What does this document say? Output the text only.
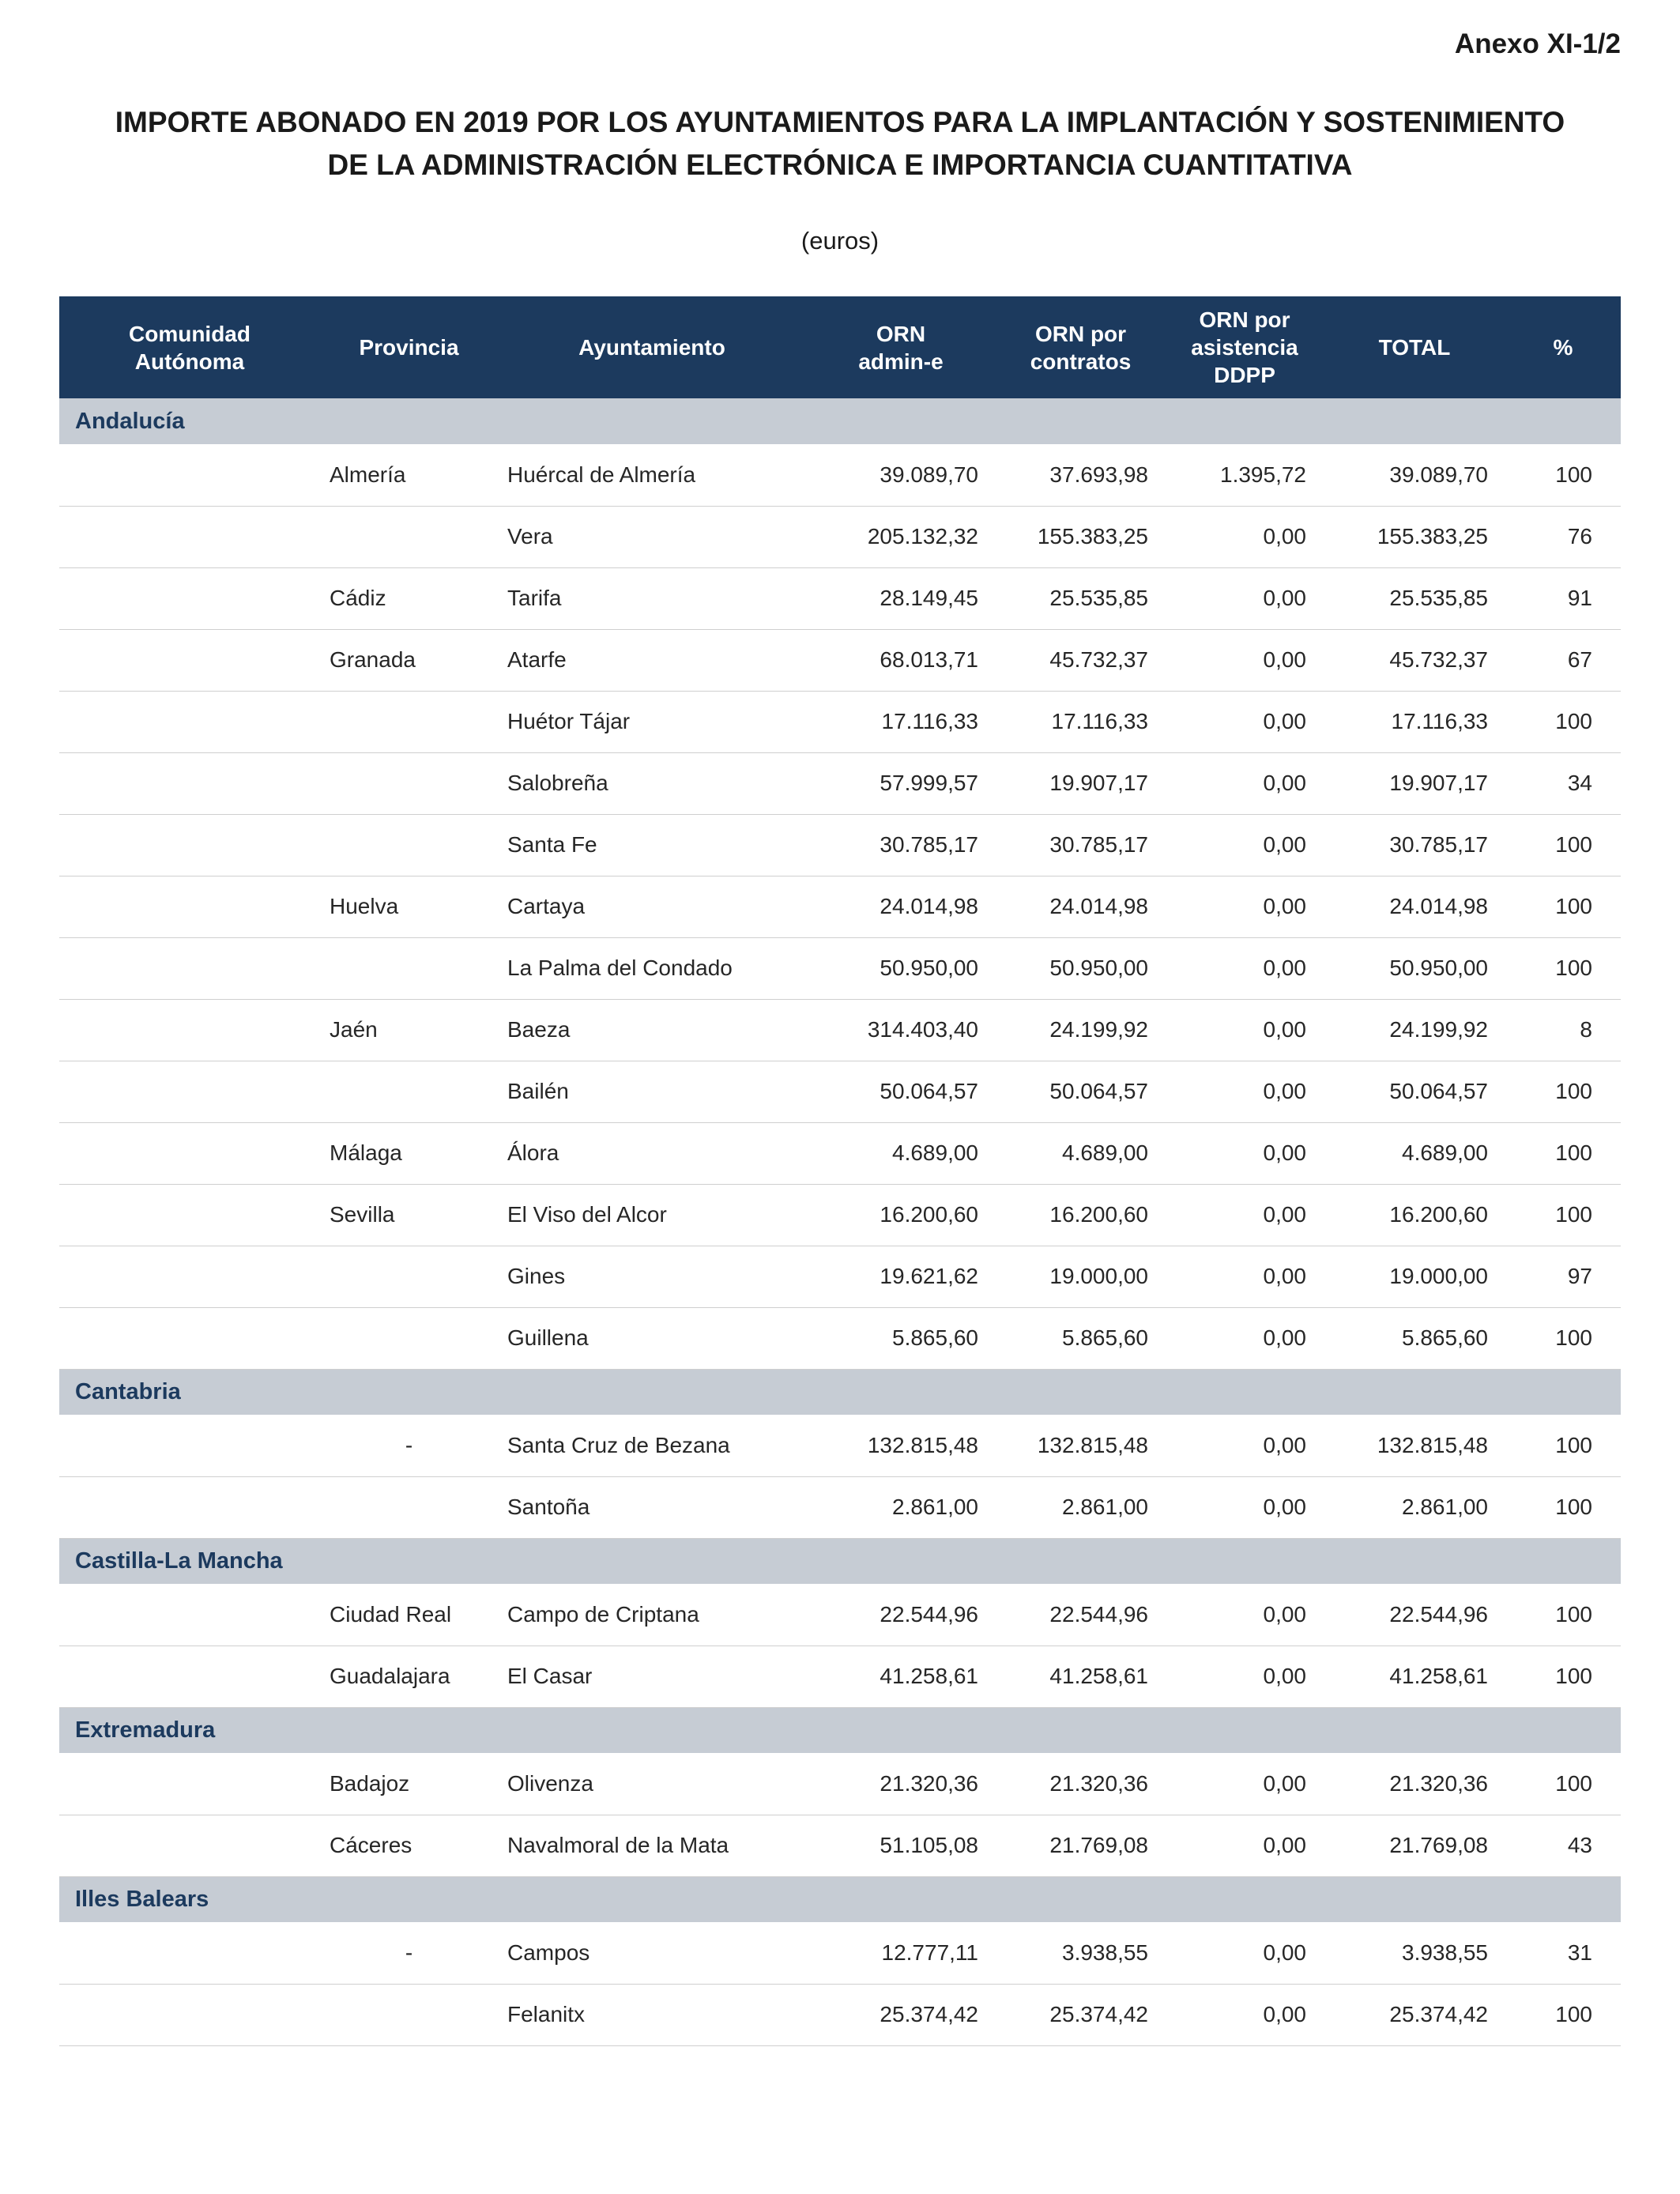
Anexo XI-1/2
IMPORTE ABONADO EN 2019 POR LOS AYUNTAMIENTOS PARA LA IMPLANTACIÓN Y SOSTENIMIENTO DE LA ADMINISTRACIÓN ELECTRÓNICA E IMPORTANCIA CUANTITATIVA
(euros)
Comunidad Autónoma	Provincia	Ayuntamiento	ORN admin-e	ORN por contratos	ORN por asistencia DDPP	TOTAL	%
Andalucía							
	Almería	Huércal de Almería	39.089,70	37.693,98	1.395,72	39.089,70	100
		Vera	205.132,32	155.383,25	0,00	155.383,25	76
	Cádiz	Tarifa	28.149,45	25.535,85	0,00	25.535,85	91
	Granada	Atarfe	68.013,71	45.732,37	0,00	45.732,37	67
		Huétor Tájar	17.116,33	17.116,33	0,00	17.116,33	100
		Salobreña	57.999,57	19.907,17	0,00	19.907,17	34
		Santa Fe	30.785,17	30.785,17	0,00	30.785,17	100
	Huelva	Cartaya	24.014,98	24.014,98	0,00	24.014,98	100
		La Palma del Condado	50.950,00	50.950,00	0,00	50.950,00	100
	Jaén	Baeza	314.403,40	24.199,92	0,00	24.199,92	8
		Bailén	50.064,57	50.064,57	0,00	50.064,57	100
	Málaga	Álora	4.689,00	4.689,00	0,00	4.689,00	100
	Sevilla	El Viso del Alcor	16.200,60	16.200,60	0,00	16.200,60	100
		Gines	19.621,62	19.000,00	0,00	19.000,00	97
		Guillena	5.865,60	5.865,60	0,00	5.865,60	100
Cantabria							
	-	Santa Cruz de Bezana	132.815,48	132.815,48	0,00	132.815,48	100
		Santoña	2.861,00	2.861,00	0,00	2.861,00	100
Castilla-La Mancha							
	Ciudad Real	Campo de Criptana	22.544,96	22.544,96	0,00	22.544,96	100
	Guadalajara	El Casar	41.258,61	41.258,61	0,00	41.258,61	100
Extremadura							
	Badajoz	Olivenza	21.320,36	21.320,36	0,00	21.320,36	100
	Cáceres	Navalmoral de la Mata	51.105,08	21.769,08	0,00	21.769,08	43
Illes Balears							
	-	Campos	12.777,11	3.938,55	0,00	3.938,55	31
		Felanitx	25.374,42	25.374,42	0,00	25.374,42	100
